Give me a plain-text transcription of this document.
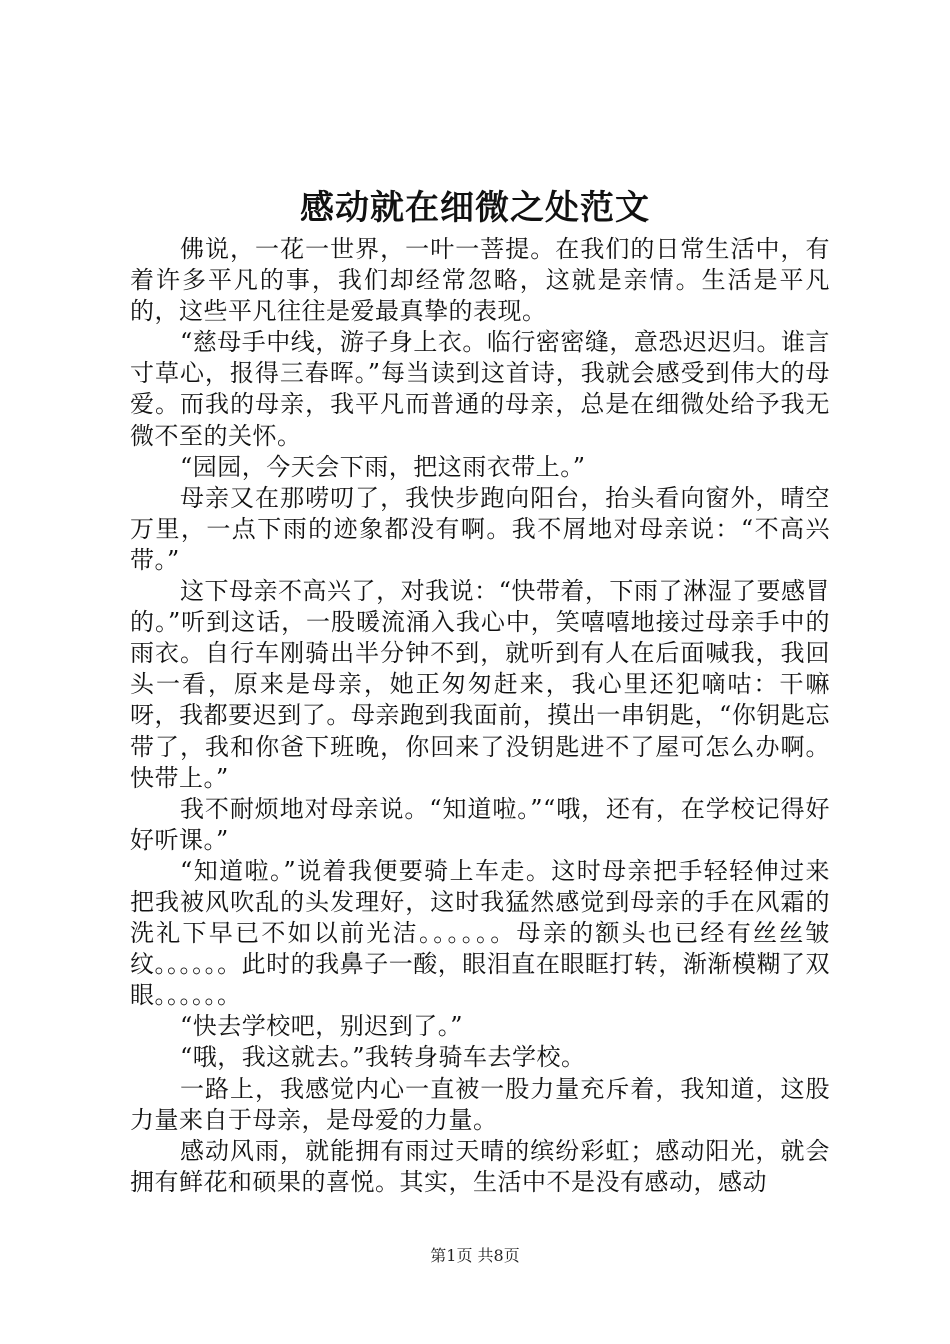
感动就在细微之处范文

佛说，一花一世界，一叶一菩提。在我们的日常生活中，有着许多平凡的事，我们却经常忽略，这就是亲情。生活是平凡的，这些平凡往往是爱最真挚的表现。

“慈母手中线，游子身上衣。临行密密缝，意恐迟迟归。谁言寸草心，报得三春晖。”每当读到这首诗，我就会感受到伟大的母爱。而我的母亲，我平凡而普通的母亲，总是在细微处给予我无微不至的关怀。

“园园，今天会下雨，把这雨衣带上。”

母亲又在那唠叨了，我快步跑向阳台，抬头看向窗外，晴空万里，一点下雨的迹象都没有啊。我不屑地对母亲说：“不高兴带。”

这下母亲不高兴了，对我说：“快带着，下雨了淋湿了要感冒的。”听到这话，一股暖流涌入我心中，笑嘻嘻地接过母亲手中的雨衣。自行车刚骑出半分钟不到，就听到有人在后面喊我，我回头一看，原来是母亲，她正匆匆赶来，我心里还犯嘀咕：干嘛呀，我都要迟到了。母亲跑到我面前，摸出一串钥匙，“你钥匙忘带了，我和你爸下班晚，你回来了没钥匙进不了屋可怎么办啊。快带上。”

我不耐烦地对母亲说。“知道啦。”“哦，还有，在学校记得好好听课。”

“知道啦。”说着我便要骑上车走。这时母亲把手轻轻伸过来把我被风吹乱的头发理好，这时我猛然感觉到母亲的手在风霜的洗礼下早已不如以前光洁。。。。。。母亲的额头也已经有丝丝皱纹。。。。。。此时的我鼻子一酸，眼泪直在眼眶打转，渐渐模糊了双眼。。。。。。

“快去学校吧，别迟到了。”

“哦，我这就去。”我转身骑车去学校。

一路上，我感觉内心一直被一股力量充斥着，我知道，这股力量来自于母亲，是母爱的力量。

感动风雨，就能拥有雨过天晴的缤纷彩虹；感动阳光，就会拥有鲜花和硕果的喜悦。其实，生活中不是没有感动，感动

第1页 共8页
